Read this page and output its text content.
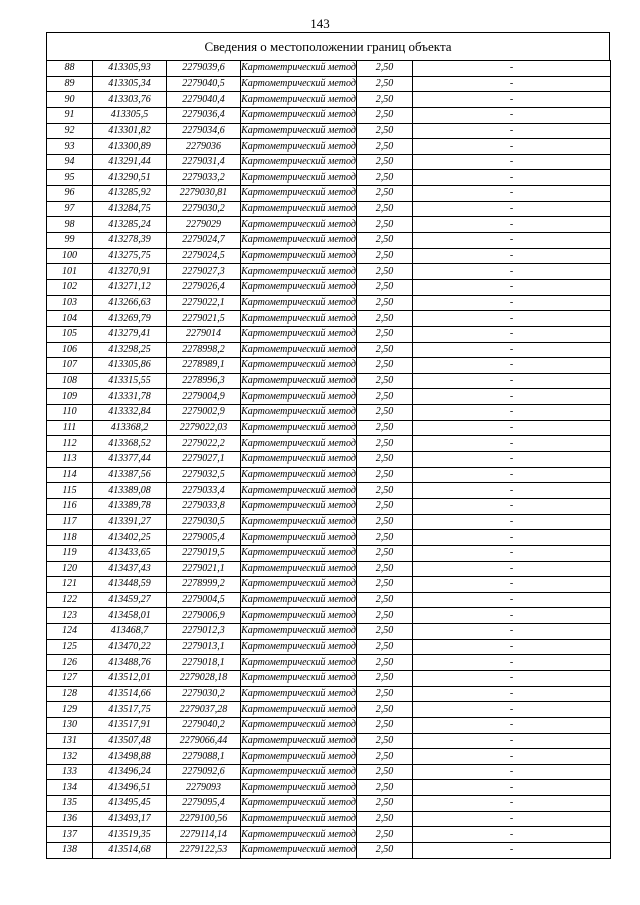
143
Сведения о местоположении границ объекта
88	413305,93	2279039,6	Картометрический метод	2,50	-
89	413305,34	2279040,5	Картометрический метод	2,50	-
90	413303,76	2279040,4	Картометрический метод	2,50	-
91	413305,5	2279036,4	Картометрический метод	2,50	-
92	413301,82	2279034,6	Картометрический метод	2,50	-
93	413300,89	2279036	Картометрический метод	2,50	-
94	413291,44	2279031,4	Картометрический метод	2,50	-
95	413290,51	2279033,2	Картометрический метод	2,50	-
96	413285,92	2279030,81	Картометрический метод	2,50	-
97	413284,75	2279030,2	Картометрический метод	2,50	-
98	413285,24	2279029	Картометрический метод	2,50	-
99	413278,39	2279024,7	Картометрический метод	2,50	-
100	413275,75	2279024,5	Картометрический метод	2,50	-
101	413270,91	2279027,3	Картометрический метод	2,50	-
102	413271,12	2279026,4	Картометрический метод	2,50	-
103	413266,63	2279022,1	Картометрический метод	2,50	-
104	413269,79	2279021,5	Картометрический метод	2,50	-
105	413279,41	2279014	Картометрический метод	2,50	-
106	413298,25	2278998,2	Картометрический метод	2,50	-
107	413305,86	2278989,1	Картометрический метод	2,50	-
108	413315,55	2278996,3	Картометрический метод	2,50	-
109	413331,78	2279004,9	Картометрический метод	2,50	-
110	413332,84	2279002,9	Картометрический метод	2,50	-
111	413368,2	2279022,03	Картометрический метод	2,50	-
112	413368,52	2279022,2	Картометрический метод	2,50	-
113	413377,44	2279027,1	Картометрический метод	2,50	-
114	413387,56	2279032,5	Картометрический метод	2,50	-
115	413389,08	2279033,4	Картометрический метод	2,50	-
116	413389,78	2279033,8	Картометрический метод	2,50	-
117	413391,27	2279030,5	Картометрический метод	2,50	-
118	413402,25	2279005,4	Картометрический метод	2,50	-
119	413433,65	2279019,5	Картометрический метод	2,50	-
120	413437,43	2279021,1	Картометрический метод	2,50	-
121	413448,59	2278999,2	Картометрический метод	2,50	-
122	413459,27	2279004,5	Картометрический метод	2,50	-
123	413458,01	2279006,9	Картометрический метод	2,50	-
124	413468,7	2279012,3	Картометрический метод	2,50	-
125	413470,22	2279013,1	Картометрический метод	2,50	-
126	413488,76	2279018,1	Картометрический метод	2,50	-
127	413512,01	2279028,18	Картометрический метод	2,50	-
128	413514,66	2279030,2	Картометрический метод	2,50	-
129	413517,75	2279037,28	Картометрический метод	2,50	-
130	413517,91	2279040,2	Картометрический метод	2,50	-
131	413507,48	2279066,44	Картометрический метод	2,50	-
132	413498,88	2279088,1	Картометрический метод	2,50	-
133	413496,24	2279092,6	Картометрический метод	2,50	-
134	413496,51	2279093	Картометрический метод	2,50	-
135	413495,45	2279095,4	Картометрический метод	2,50	-
136	413493,17	2279100,56	Картометрический метод	2,50	-
137	413519,35	2279114,14	Картометрический метод	2,50	-
138	413514,68	2279122,53	Картометрический метод	2,50	-
